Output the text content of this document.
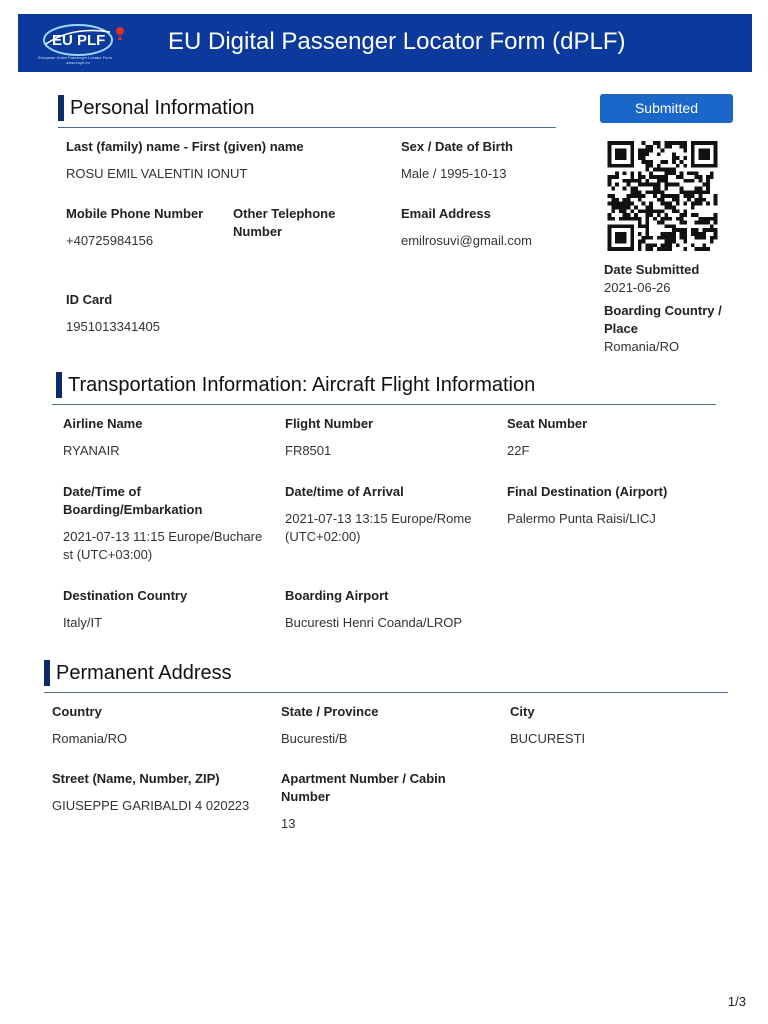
EU PLF
European Union Passenger Locator Form
www.euplf.eu
EU Digital Passenger Locator Form (dPLF)
Submitted
Personal Information
Last (family) name - First (given) name
ROSU EMIL VALENTIN IONUT
Sex / Date of Birth
Male / 1995-10-13
Mobile Phone Number
+40725984156
Other Telephone Number
Email Address
emilrosuvi@gmail.com
ID Card
1951013341405
Date Submitted
2021-06-26
Boarding Country / Place
Romania/RO
Transportation Information: Aircraft Flight Information
Airline Name
RYANAIR
Flight Number
FR8501
Seat Number
22F
Date/Time of Boarding/Embarkation
2021-07-13 11:15 Europe/Bucharest (UTC+03:00)
Date/time of Arrival
2021-07-13 13:15 Europe/Rome (UTC+02:00)
Final Destination (Airport)
Palermo Punta Raisi/LICJ
Destination Country
Italy/IT
Boarding Airport
Bucuresti Henri Coanda/LROP
Permanent Address
Country
Romania/RO
State / Province
Bucuresti/B
City
BUCURESTI
Street (Name, Number, ZIP)
GIUSEPPE GARIBALDI 4 020223
Apartment Number / Cabin Number
13
1/3
